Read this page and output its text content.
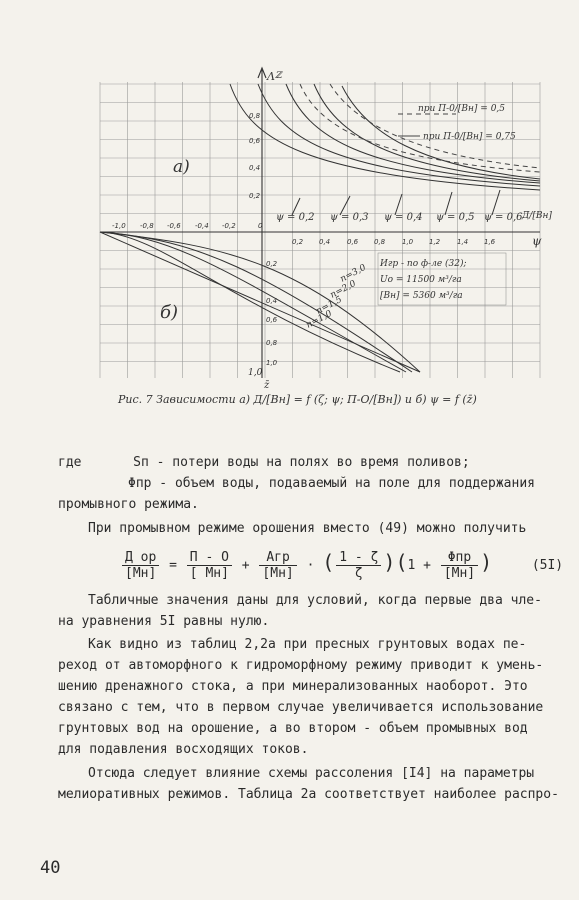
0,8
0,6
0,4
0,2
-1,0 -0,8 -0,6 -0,4 -0,2	0
0,2 0,4 0,6 0,8 1,0 1,2 1,4 1,6
0,2
0,4
0,6
0,8
1,0
а)
б)
Λ ℤ
ψ
1,0
z̄
при П-0/[Вн] = 0,5
при П-0/[Вн] = 0,75
ψ = 0,2 ψ = 0,3 ψ = 0,4 ψ = 0,5 ψ = 0,6 Д/[Вн]
n=3,0
n=2,0
n=1,5
n=1,0
Игр - по ф-ле (32);
Uо = 11500 м³/га
[Вн] = 5360 м³/га
Рис. 7 Зависимости а) Д/[Вн] = f (ζ; ψ; П-О/[Вн]) и б) ψ = f (z̄)
где	Sп - потери воды на полях во время поливов;
Φпр - объем воды, подаваемый на поле для поддержания
промывного режима.
При промывном режиме орошения вместо (49) можно получить
$\frac{\text{Д ор}}{[Mн]} = \frac{П - О}{[ Mн]} + \frac{\text{Aгр}}{[Mн]}$ · ( $\frac{1 - \zeta}{\zeta} )(1 + \frac{\text{Φпр}}{[Mн]}$ )	(5I)
Табличные значения даны для условий, когда первые два чле-
на уравнения 5I равны нулю.
Как видно из таблиц 2,2а при пресных грунтовых водах пе-
реход от автоморфного к гидроморфному режиму приводит к умень-
шению дренажного стока, а при минерализованных наоборот. Это
связано с тем, что в первом случае увеличивается использование
грунтовых вод на орошение, а во втором - объем промывных вод
для подавления восходящих токов.
Отсюда следует влияние схемы рассоления [I4] на параметры
мелиоративных режимов. Таблица 2а соответствует наиболее распро-
40
